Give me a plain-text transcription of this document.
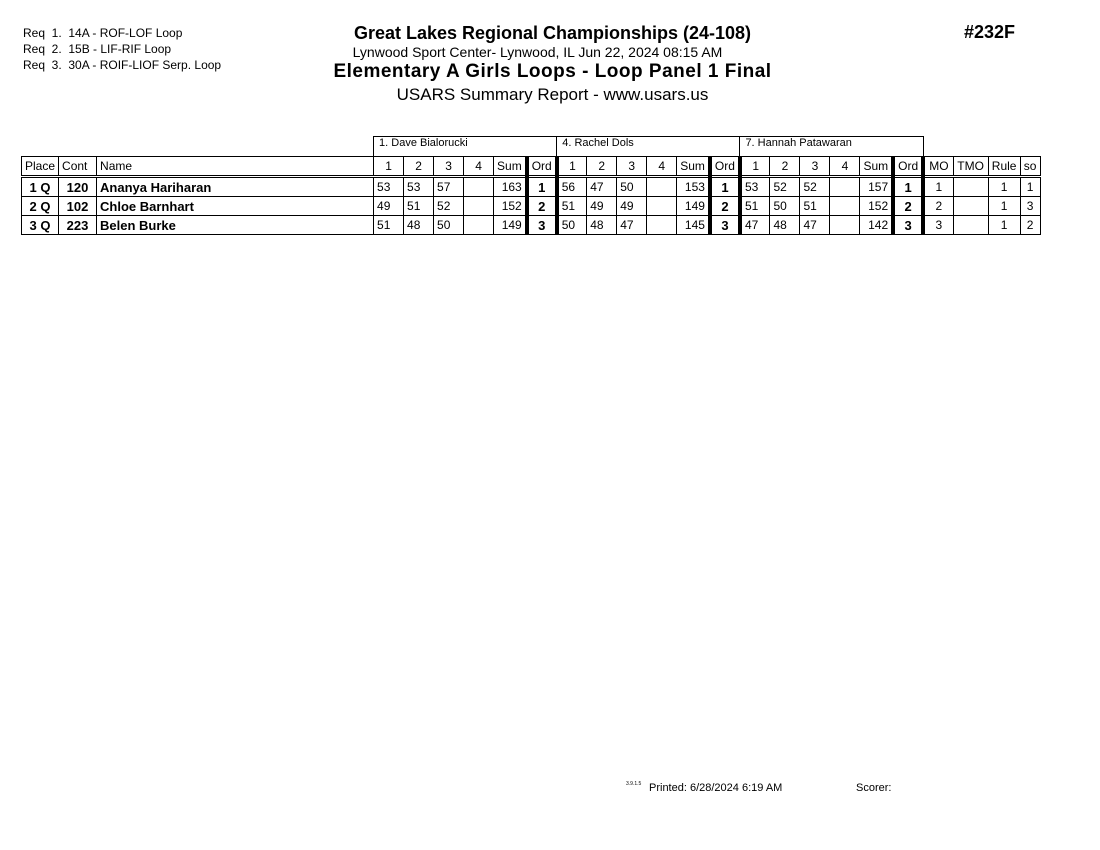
Req  1.  14A - ROF-LOF Loop
Req  2.  15B - LIF-RIF Loop
Req  3.  30A - ROIF-LIOF Serp. Loop
Great Lakes Regional Championships (24-108)
Lynwood Sport Center- Lynwood, IL Jun 22, 2024 08:15 AM
Elementary A Girls Loops - Loop Panel 1 Final
USARS Summary Report - www.usars.us
#232F
			1. Dave Bialorucki						4. Rachel Dols						7. Hannah Patawaran									
Place	Cont	Name	1	2	3	4	Sum	Ord	1	2	3	4	Sum	Ord	1	2	3	4	Sum	Ord	MO	TMO	Rule	so
1 Q	120	Ananya Hariharan	53	53	57		163	1	56	47	50		153	1	53	52	52		157	1	1		1	1
2 Q	102	Chloe Barnhart	49	51	52		152	2	51	49	49		149	2	51	50	51		152	2	2		1	3
3 Q	223	Belen Burke	51	48	50		149	3	50	48	47		145	3	47	48	47		142	3	3		1	2
3.9.1.5 Printed: 6/28/2024 6:19 AM	Scorer:
